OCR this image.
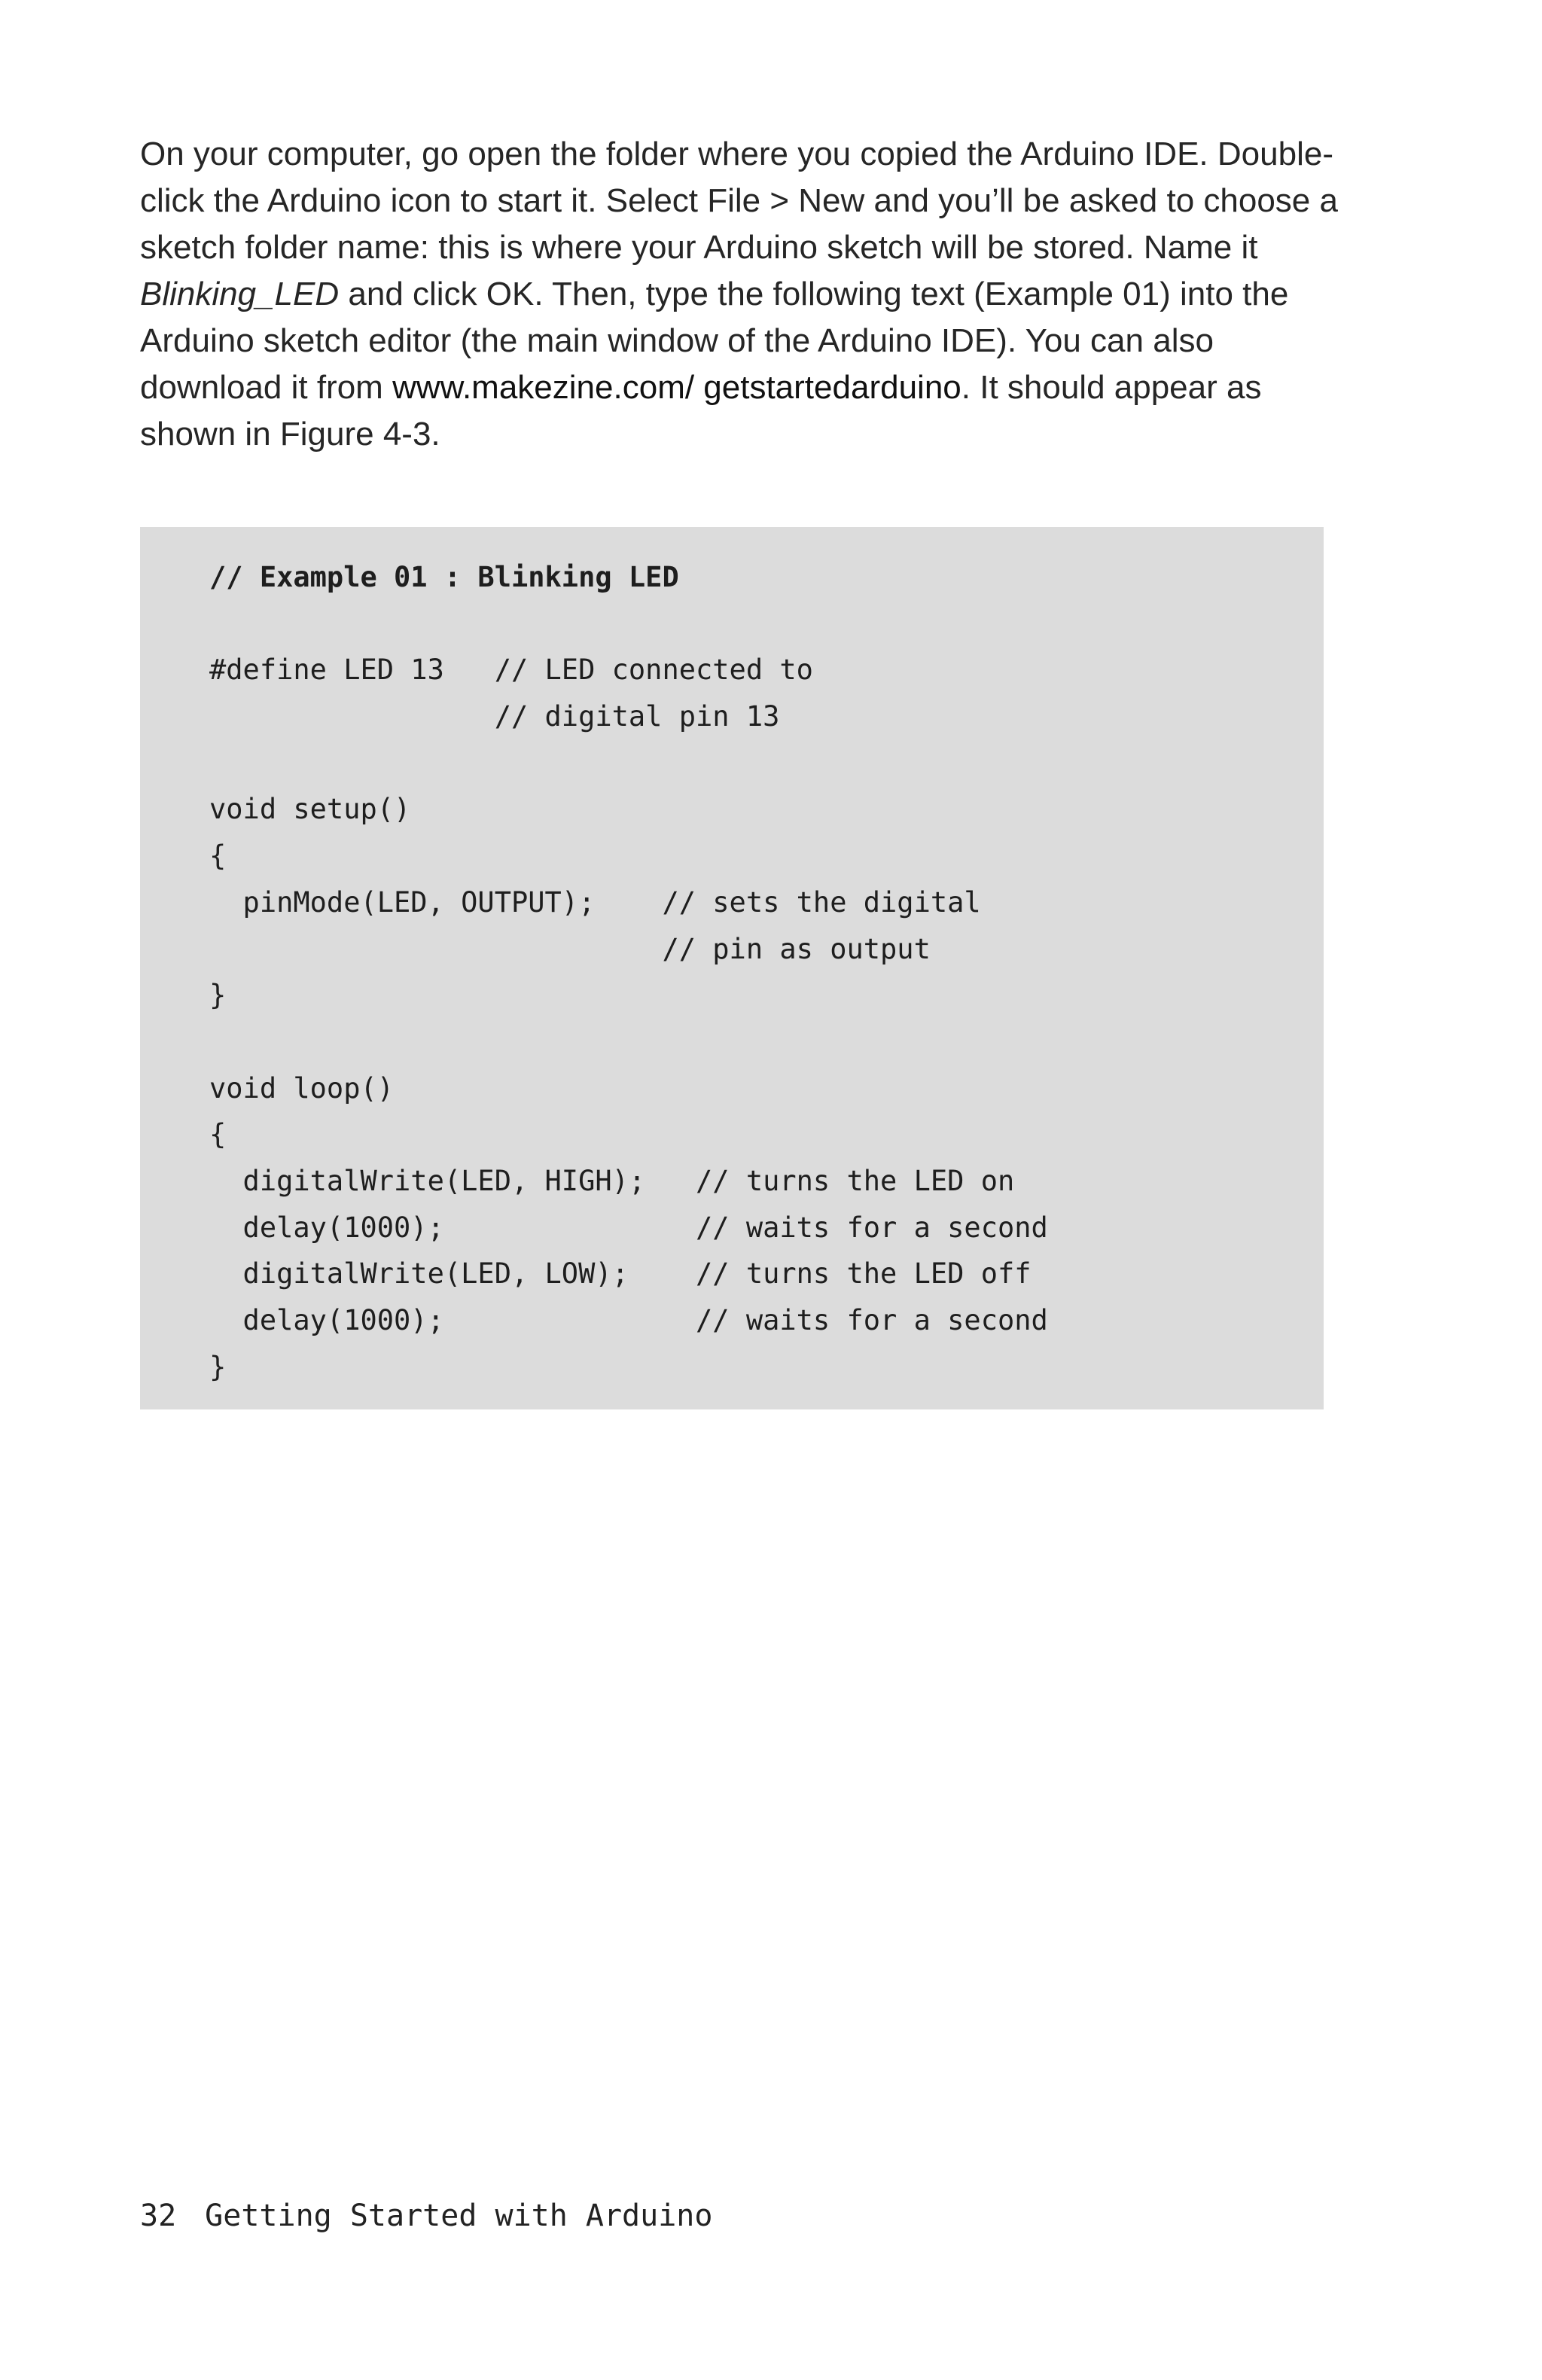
On your computer, go open the folder where you copied the Arduino IDE. Double-click the Arduino icon to start it. Select File > New and you’ll be asked to choose a sketch folder name: this is where your Arduino sketch will be stored. Name it Blinking_LED and click OK. Then, type the following text (Example 01) into the Arduino sketch editor (the main window of the Arduino IDE). You can also download it from www.makezine.com/ getstartedarduino. It should appear as shown in Figure 4-3.

// Example 01 : Blinking LED
#define LED 13   // LED connected to
// digital pin 13
void setup()
{
pinMode(LED, OUTPUT);    // sets the digital
// pin as output
}
void loop()
{
digitalWrite(LED, HIGH);   // turns the LED on
delay(1000);               // waits for a second
digitalWrite(LED, LOW);    // turns the LED off
delay(1000);               // waits for a second
}
32 Getting Started with Arduino
